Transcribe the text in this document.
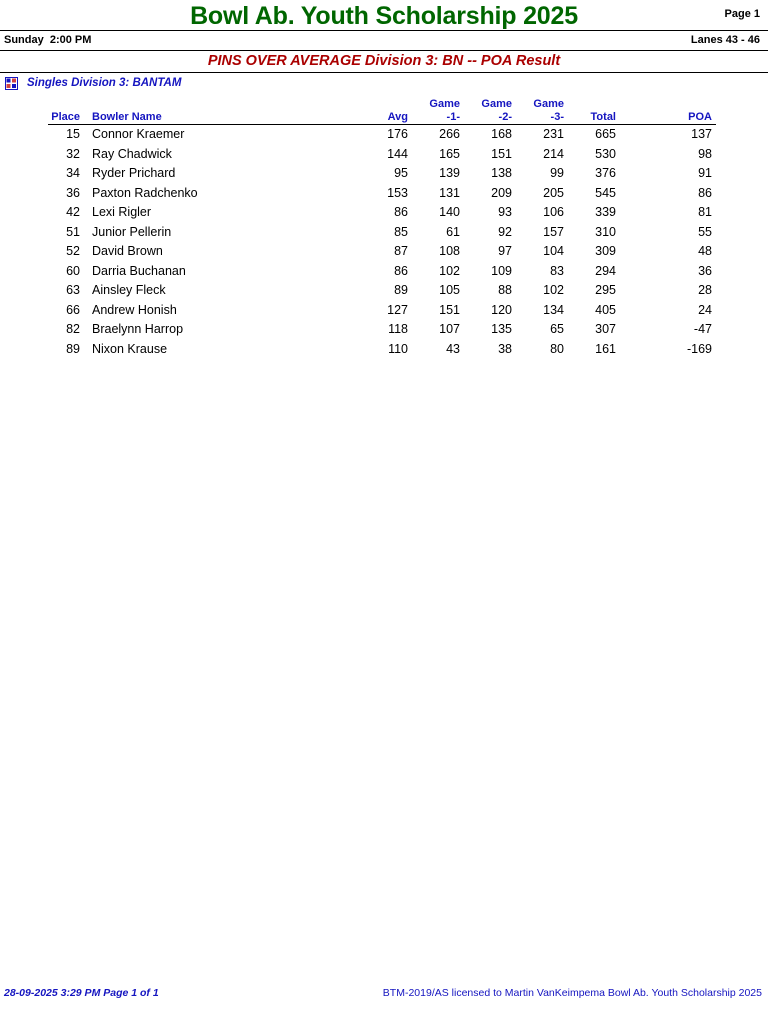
Bowl Ab. Youth Scholarship 2025	Page 1
Sunday 2:00 PM	Lanes 43 - 46
PINS OVER AVERAGE Division 3: BN -- POA Result
Singles Division 3: BANTAM
			Game	Game	Game			
Place	Bowler Name	Avg	-1-	-2-	-3-	Total		POA
15	Connor Kraemer	176	266	168	231	665		137
32	Ray Chadwick	144	165	151	214	530		98
34	Ryder Prichard	95	139	138	99	376		91
36	Paxton Radchenko	153	131	209	205	545		86
42	Lexi Rigler	86	140	93	106	339		81
51	Junior Pellerin	85	61	92	157	310		55
52	David Brown	87	108	97	104	309		48
60	Darria Buchanan	86	102	109	83	294		36
63	Ainsley Fleck	89	105	88	102	295		28
66	Andrew Honish	127	151	120	134	405		24
82	Braelynn Harrop	118	107	135	65	307		-47
89	Nixon Krause	110	43	38	80	161		-169
28-09-2025 3:29 PM Page 1 of 1	BTM-2019/AS licensed to Martin VanKeimpema Bowl Ab. Youth Scholarship 2025
